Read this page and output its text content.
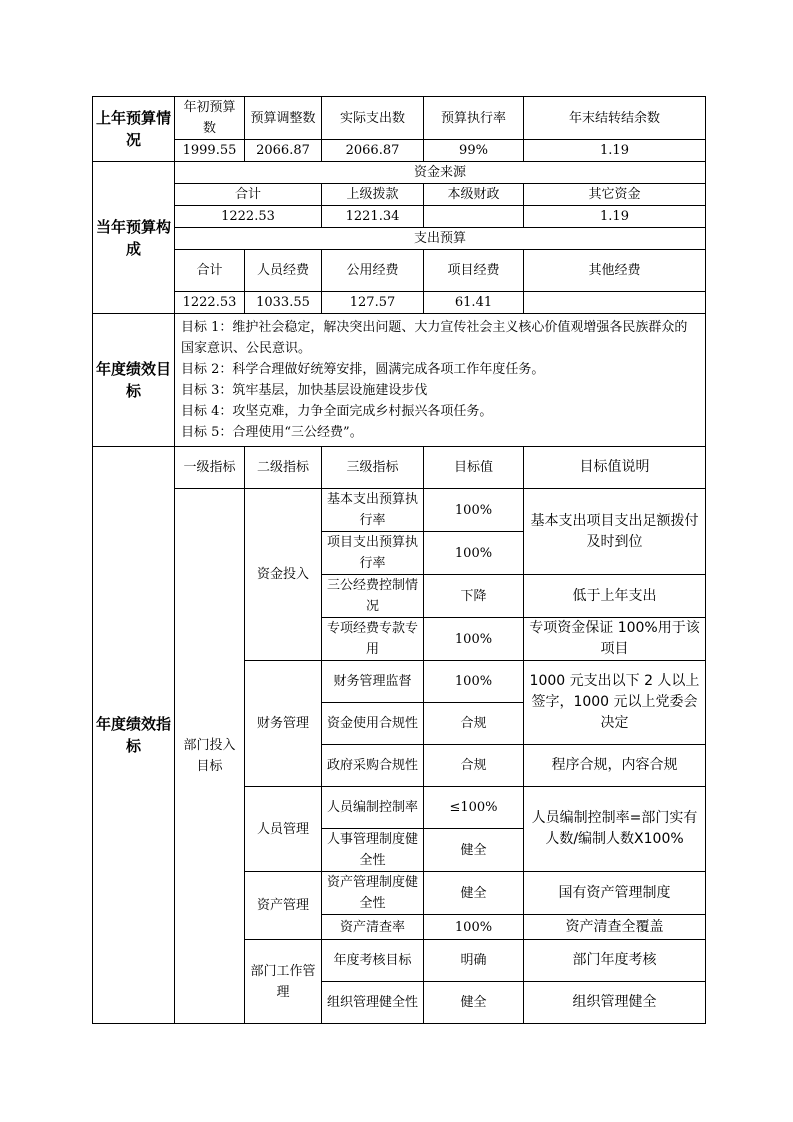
上年预算情况	年初预算数	预算调整数	实际支出数	预算执行率	年末结转结余数
	1999.55	2066.87	2066.87	99%	1.19
当年预算构成	资金来源				
	合计		上级拨款	本级财政	其它资金
	1222.53		1221.34		1.19
	支出预算				
	合计	人员经费	公用经费	项目经费	其他经费
	1222.53	1033.55	127.57	61.41	
年度绩效目标	目标 1：维护社会稳定，解决突出问题、大力宣传社会主义核心价值观增强各民族群众的国家意识、公民意识。
目标 2：科学合理做好统筹安排，圆满完成各项工作年度任务。
目标 3：筑牢基层，加快基层设施建设步伐
目标 4：攻坚克难，力争全面完成乡村振兴各项任务。
目标 5：合理使用“三公经费”。				

年度绩效指标	一级指标	二级指标	三级指标	目标值	目标值说明
	部门投入目标	资金投入	基本支出预算执行率	100%	基本支出项目支出足额拨付及时到位
			项目支出预算执行率	100%	
			三公经费控制情况	下降	低于上年支出
			专项经费专款专用	100%	专项资金保证 100%用于该项目
		财务管理	财务管理监督	100%	1000 元支出以下 2 人以上签字，1000 元以上党委会决定
			资金使用合规性	合规	
			政府采购合规性	合规	程序合规，内容合规
		人员管理	人员编制控制率	≤100%	人员编制控制率=部门实有人数/编制人数X100%
			人事管理制度健全性	健全	
		资产管理	资产管理制度健全性	健全	国有资产管理制度
			资产清查率	100%	资产清查全覆盖
		部门工作管理	年度考核目标	明确	部门年度考核
			组织管理健全性	健全	组织管理健全
